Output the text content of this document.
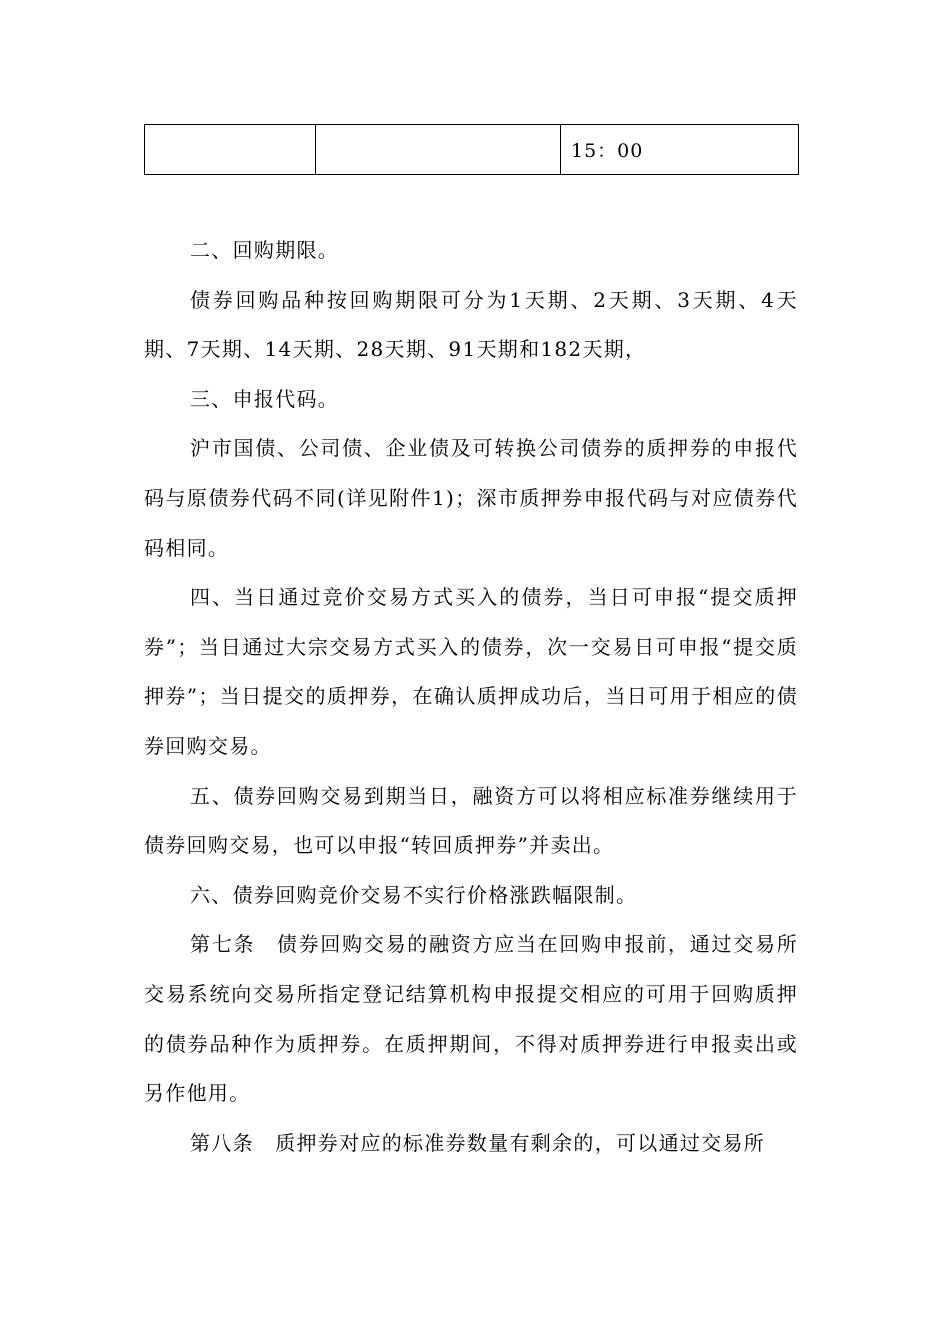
		15：00

二、回购期限。

债券回购品种按回购期限可分为1天期、2天期、3天期、4天期、7天期、14天期、28天期、91天期和182天期，

三、申报代码。

沪市国债、公司债、企业债及可转换公司债券的质押券的申报代码与原债券代码不同(详见附件1)；深市质押券申报代码与对应债券代码相同。

四、当日通过竞价交易方式买入的债券，当日可申报“提交质押券”；当日通过大宗交易方式买入的债券，次一交易日可申报“提交质押券”；当日提交的质押券，在确认质押成功后，当日可用于相应的债券回购交易。

五、债券回购交易到期当日，融资方可以将相应标准券继续用于债券回购交易，也可以申报“转回质押券”并卖出。

六、债券回购竞价交易不实行价格涨跌幅限制。

第七条　债券回购交易的融资方应当在回购申报前，通过交易所交易系统向交易所指定登记结算机构申报提交相应的可用于回购质押的债券品种作为质押券。在质押期间，不得对质押券进行申报卖出或另作他用。

第八条　质押券对应的标准券数量有剩余的，可以通过交易所
